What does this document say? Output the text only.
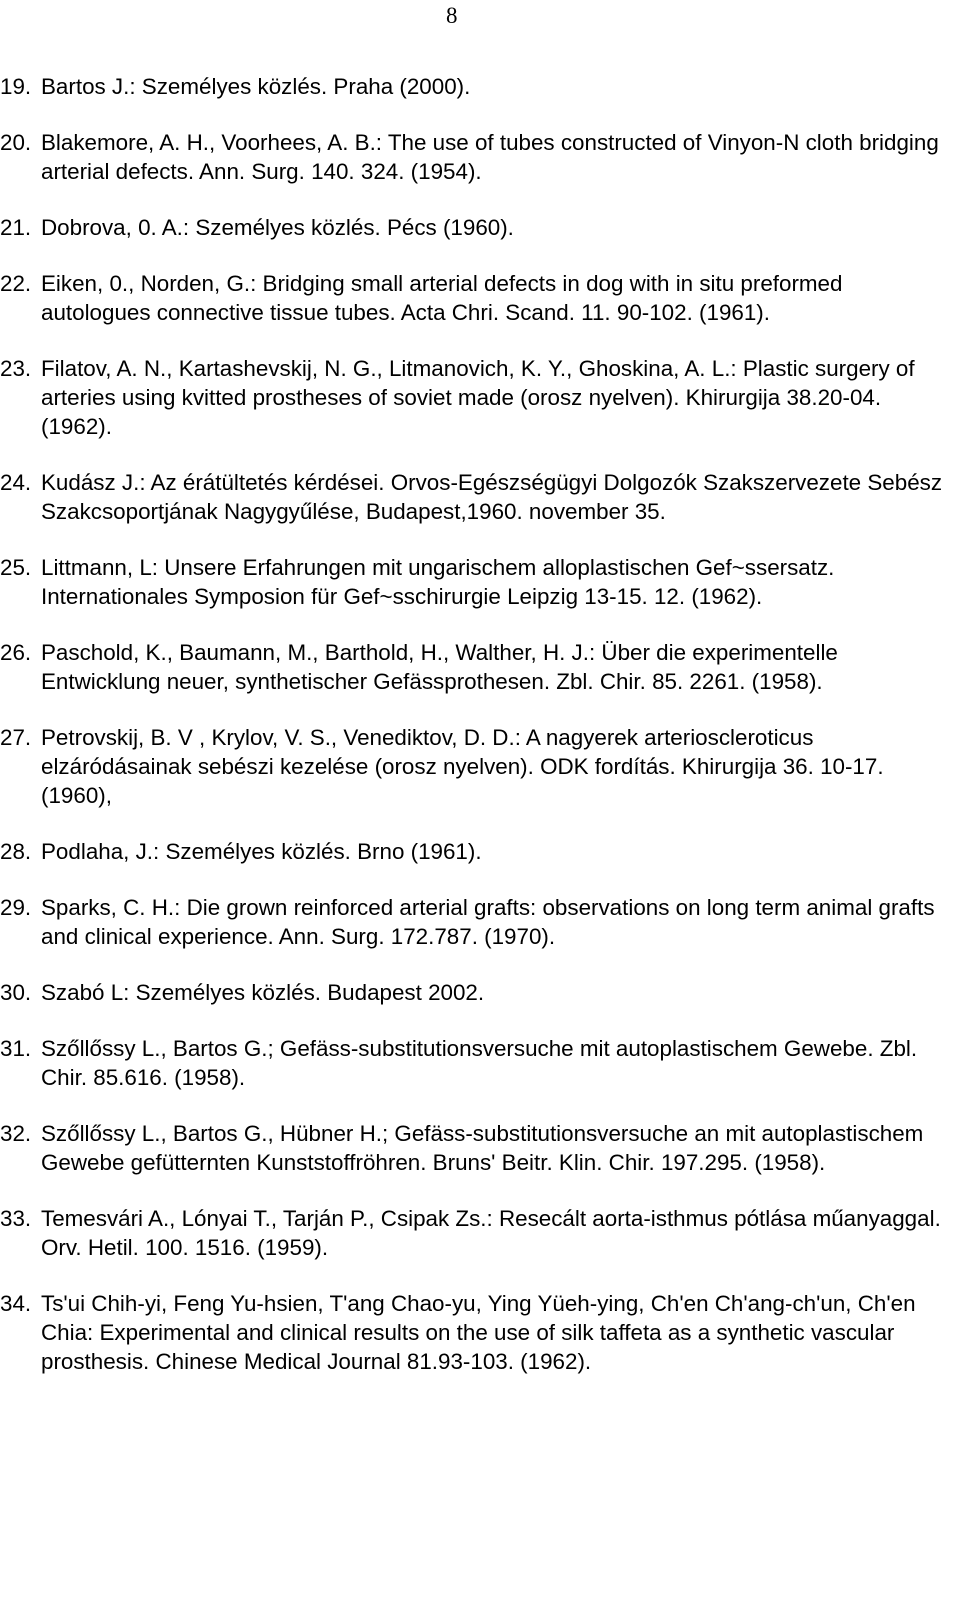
8
19. Bartos J.: Személyes közlés. Praha (2000).
20. Blakemore, A. H., Voorhees, A. B.: The use of tubes constructed of Vinyon-N cloth bridging arterial defects. Ann. Surg. 140. 324. (1954).
21. Dobrova, 0. A.: Személyes közlés. Pécs (1960).
22. Eiken, 0., Norden, G.: Bridging small arterial defects in dog with in situ preformed autologues connective tissue tubes. Acta Chri. Scand. 11. 90-102. (1961).
23. Filatov, A. N., Kartashevskij, N. G., Litmanovich, K. Y., Ghoskina, A. L.: Plastic surgery of arteries using kvitted prostheses of soviet made (orosz nyelven). Khirurgija 38.20-04. (1962).
24. Kudász J.: Az érátültetés kérdései. Orvos-Egészségügyi Dolgozók Szakszervezete Sebész Szakcsoportjának Nagygyűlése, Budapest,1960. november 35.
25. Littmann, L: Unsere Erfahrungen mit ungarischem alloplastischen Gef~ssersatz. Internationales Symposion für Gef~sschirurgie Leipzig 13-15. 12. (1962).
26. Paschold, K., Baumann, M., Barthold, H., Walther, H. J.: Über die experimentelle Entwicklung neuer, synthetischer Gefässprothesen. Zbl. Chir. 85. 2261. (1958).
27. Petrovskij, B. V , Krylov, V. S., Venediktov, D. D.: A nagyerek arterioscleroticus elzáródásainak sebészi kezelése (orosz nyelven). ODK fordítás. Khirurgija 36. 10-17. (1960),
28. Podlaha, J.: Személyes közlés. Brno (1961).
29. Sparks, C. H.: Die grown reinforced arterial grafts: observations on long term animal grafts and clinical experience. Ann. Surg. 172.787. (1970).
30. Szabó L: Személyes közlés. Budapest 2002.
31. Szőllőssy L., Bartos G.; Gefäss-substitutionsversuche mit autoplastischem Gewebe. Zbl. Chir. 85.616. (1958).
32. Szőllőssy L., Bartos G., Hübner H.; Gefäss-substitutionsversuche an mit autoplastischem Gewebe gefütternten Kunststoffröhren. Bruns' Beitr. Klin. Chir. 197.295. (1958).
33. Temesvári A., Lónyai T., Tarján P., Csipak Zs.: Resecált aorta-isthmus pótlása műanyaggal. Orv. Hetil. 100. 1516. (1959).
34. Ts'ui Chih-yi, Feng Yu-hsien, T'ang Chao-yu, Ying Yüeh-ying, Ch'en Ch'ang-ch'un, Ch'en Chia: Experimental and clinical results on the use of silk taffeta as a synthetic vascular prosthesis. Chinese Medical Journal 81.93-103. (1962).
